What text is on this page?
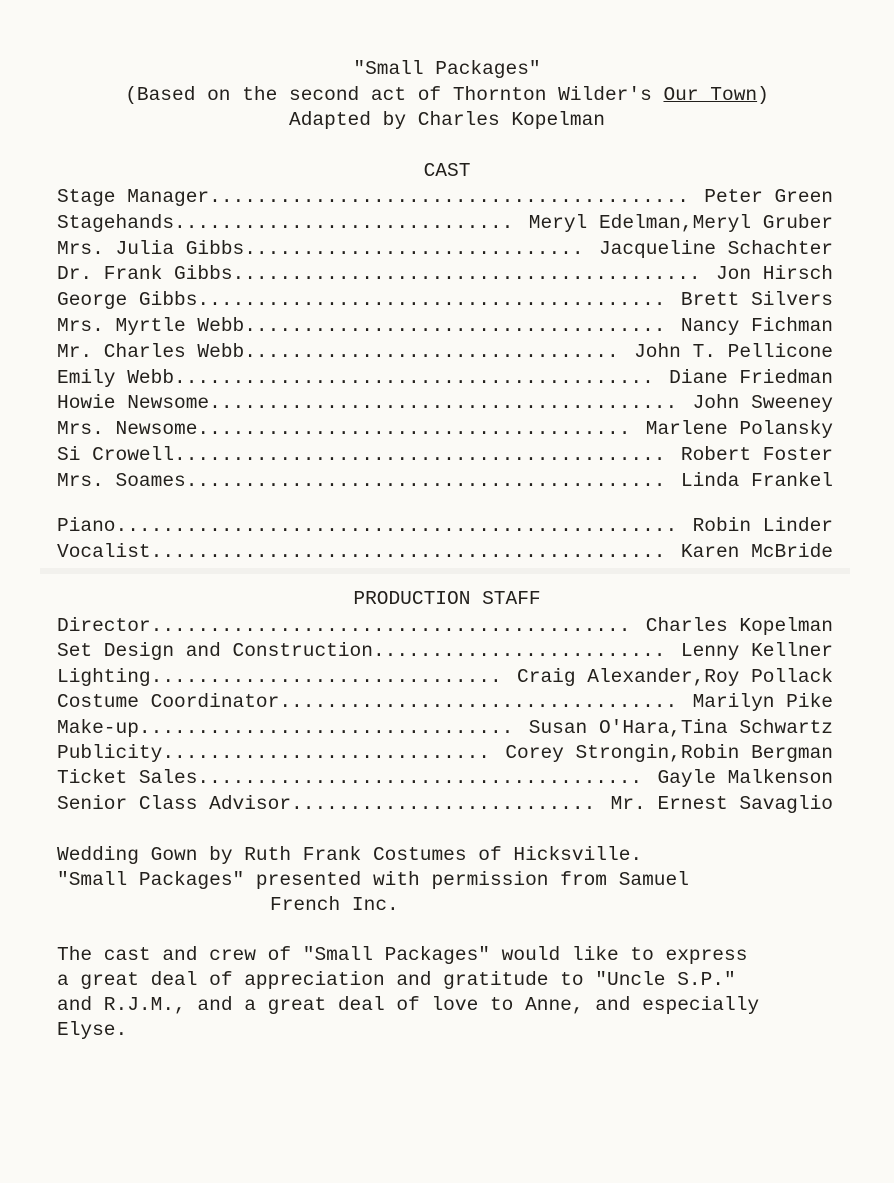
"Small Packages"
(Based on the second act of Thornton Wilder's Our Town)
Adapted by Charles Kopelman
CAST
Peter Green
Stage Manager.........................................
Meryl Edelman,Meryl Gruber
Stagehands.............................
Jacqueline Schachter
Mrs. Julia Gibbs.............................
Jon Hirsch
Dr. Frank Gibbs........................................
Brett Silvers
George Gibbs........................................
Nancy Fichman
Mrs. Myrtle Webb....................................
John T. Pellicone
Mr. Charles Webb................................
Diane Friedman
Emily Webb.........................................
John Sweeney
Howie Newsome........................................
Marlene Polansky
Mrs. Newsome.....................................
Robert Foster
Si Crowell..........................................
Linda Frankel
Mrs. Soames.........................................
Robin Linder
Piano................................................
Karen McBride
Vocalist............................................
PRODUCTION STAFF
Charles Kopelman
Director.........................................
Lenny Kellner
Set Design and Construction.........................
Craig Alexander,Roy Pollack
Lighting..............................
Marilyn Pike
Costume Coordinator..................................
Susan O'Hara,Tina Schwartz
Make-up................................
Corey Strongin,Robin Bergman
Publicity............................
Gayle Malkenson
Ticket Sales......................................
Mr. Ernest Savaglio
Senior Class Advisor..........................
Wedding Gown by Ruth Frank Costumes of Hicksville.
"Small Packages" presented with permission from Samuel
French Inc.
The cast and crew of "Small Packages" would like to express
a great deal of appreciation and gratitude to "Uncle S.P."
and R.J.M., and a great deal of love to Anne, and especially
Elyse.
